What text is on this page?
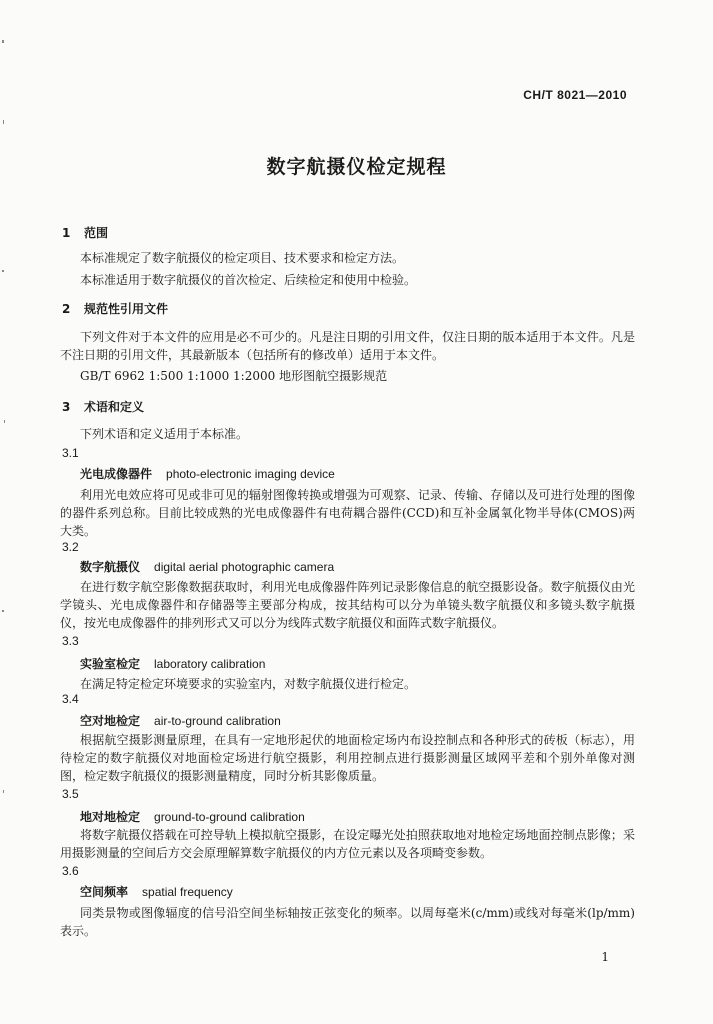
CH/T 8021—2010
数字航摄仪检定规程
1 范围
本标准规定了数字航摄仪的检定项目、技术要求和检定方法。
本标准适用于数字航摄仪的首次检定、后续检定和使用中检验。
2 规范性引用文件
下列文件对于本文件的应用是必不可少的。凡是注日期的引用文件，仅注日期的版本适用于本文件。凡是不注日期的引用文件，其最新版本（包括所有的修改单）适用于本文件。
GB/T 6962 1:500 1:1000 1:2000 地形图航空摄影规范
3 术语和定义
下列术语和定义适用于本标准。
3.1
光电成像器件 photo-electronic imaging device
利用光电效应将可见或非可见的辐射图像转换或增强为可观察、记录、传输、存储以及可进行处理的图像的器件系列总称。目前比较成熟的光电成像器件有电荷耦合器件(CCD)和互补金属氧化物半导体(CMOS)两大类。
3.2
数字航摄仪 digital aerial photographic camera
在进行数字航空影像数据获取时，利用光电成像器件阵列记录影像信息的航空摄影设备。数字航摄仪由光学镜头、光电成像器件和存储器等主要部分构成，按其结构可以分为单镜头数字航摄仪和多镜头数字航摄仪，按光电成像器件的排列形式又可以分为线阵式数字航摄仪和面阵式数字航摄仪。
3.3
实验室检定 laboratory calibration
在满足特定检定环境要求的实验室内，对数字航摄仪进行检定。
3.4
空对地检定 air-to-ground calibration
根据航空摄影测量原理，在具有一定地形起伏的地面检定场内布设控制点和各种形式的砖板（标志），用待检定的数字航摄仪对地面检定场进行航空摄影，利用控制点进行摄影测量区域网平差和个别外单像对测图，检定数字航摄仪的摄影测量精度，同时分析其影像质量。
3.5
地对地检定 ground-to-ground calibration
将数字航摄仪搭载在可控导轨上模拟航空摄影，在设定曝光处拍照获取地对地检定场地面控制点影像；采用摄影测量的空间后方交会原理解算数字航摄仪的内方位元素以及各项畸变参数。
3.6
空间频率 spatial frequency
同类景物或图像辐度的信号沿空间坐标轴按正弦变化的频率。以周每毫米(c/mm)或线对每毫米(lp/mm)表示。
1
